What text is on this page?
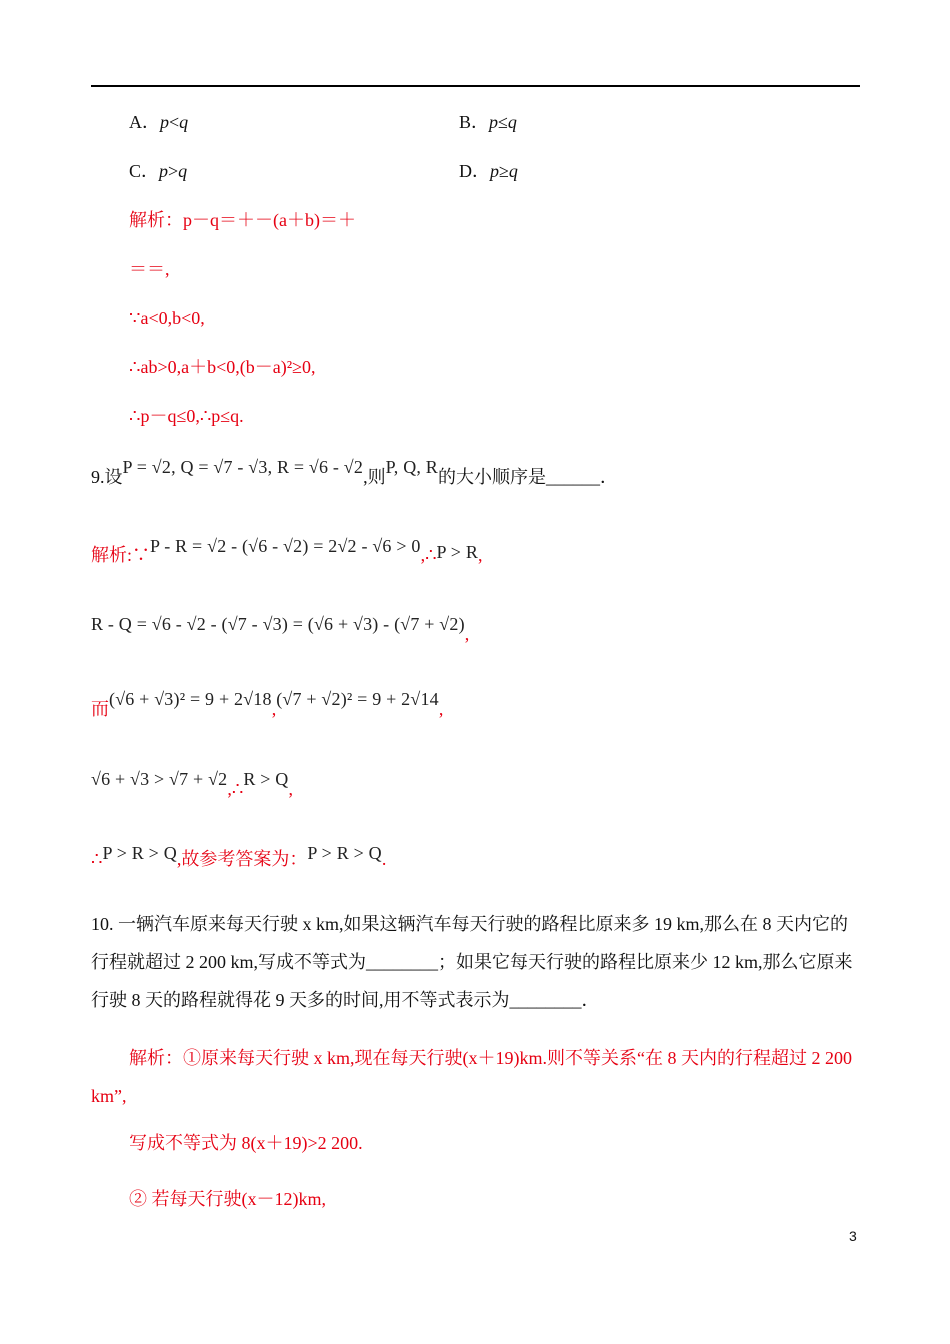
A．p<q	B．p≤q
C．p>q	D．p≥q
解析：p－q＝＋－(a＋b)＝＋
＝＝,
∵a<0,b<0,
∴ab>0,a＋b<0,(b－a)²≥0,
∴p－q≤0,∴p≤q.
9.设P = √2, Q = √7 - √3, R = √6 - √2,则P, Q, R的大小顺序是______．
解析:∵P - R = √2 - (√6 - √2) = 2√2 - √6 > 0,∴P > R,
R - Q = √6 - √2 - (√7 - √3) = (√6 + √3) - (√7 + √2),
而(√6 + √3)² = 9 + 2√18,(√7 + √2)² = 9 + 2√14,
√6 + √3 > √7 + √2,∴R > Q,
∴P > R > Q,故参考答案为：P > R > Q.
10. 一辆汽车原来每天行驶 x km,如果这辆汽车每天行驶的路程比原来多 19 km,那么在 8 天内它的行程就超过 2 200 km,写成不等式为________；如果它每天行驶的路程比原来少 12 km,那么它原来行驶 8 天的路程就得花 9 天多的时间,用不等式表示为________．
解析：①原来每天行驶 x km,现在每天行驶(x＋19)km.则不等关系“在 8 天内的行程超过 2 200 km”,
写成不等式为 8(x＋19)>2 200.
② 若每天行驶(x－12)km,
3
